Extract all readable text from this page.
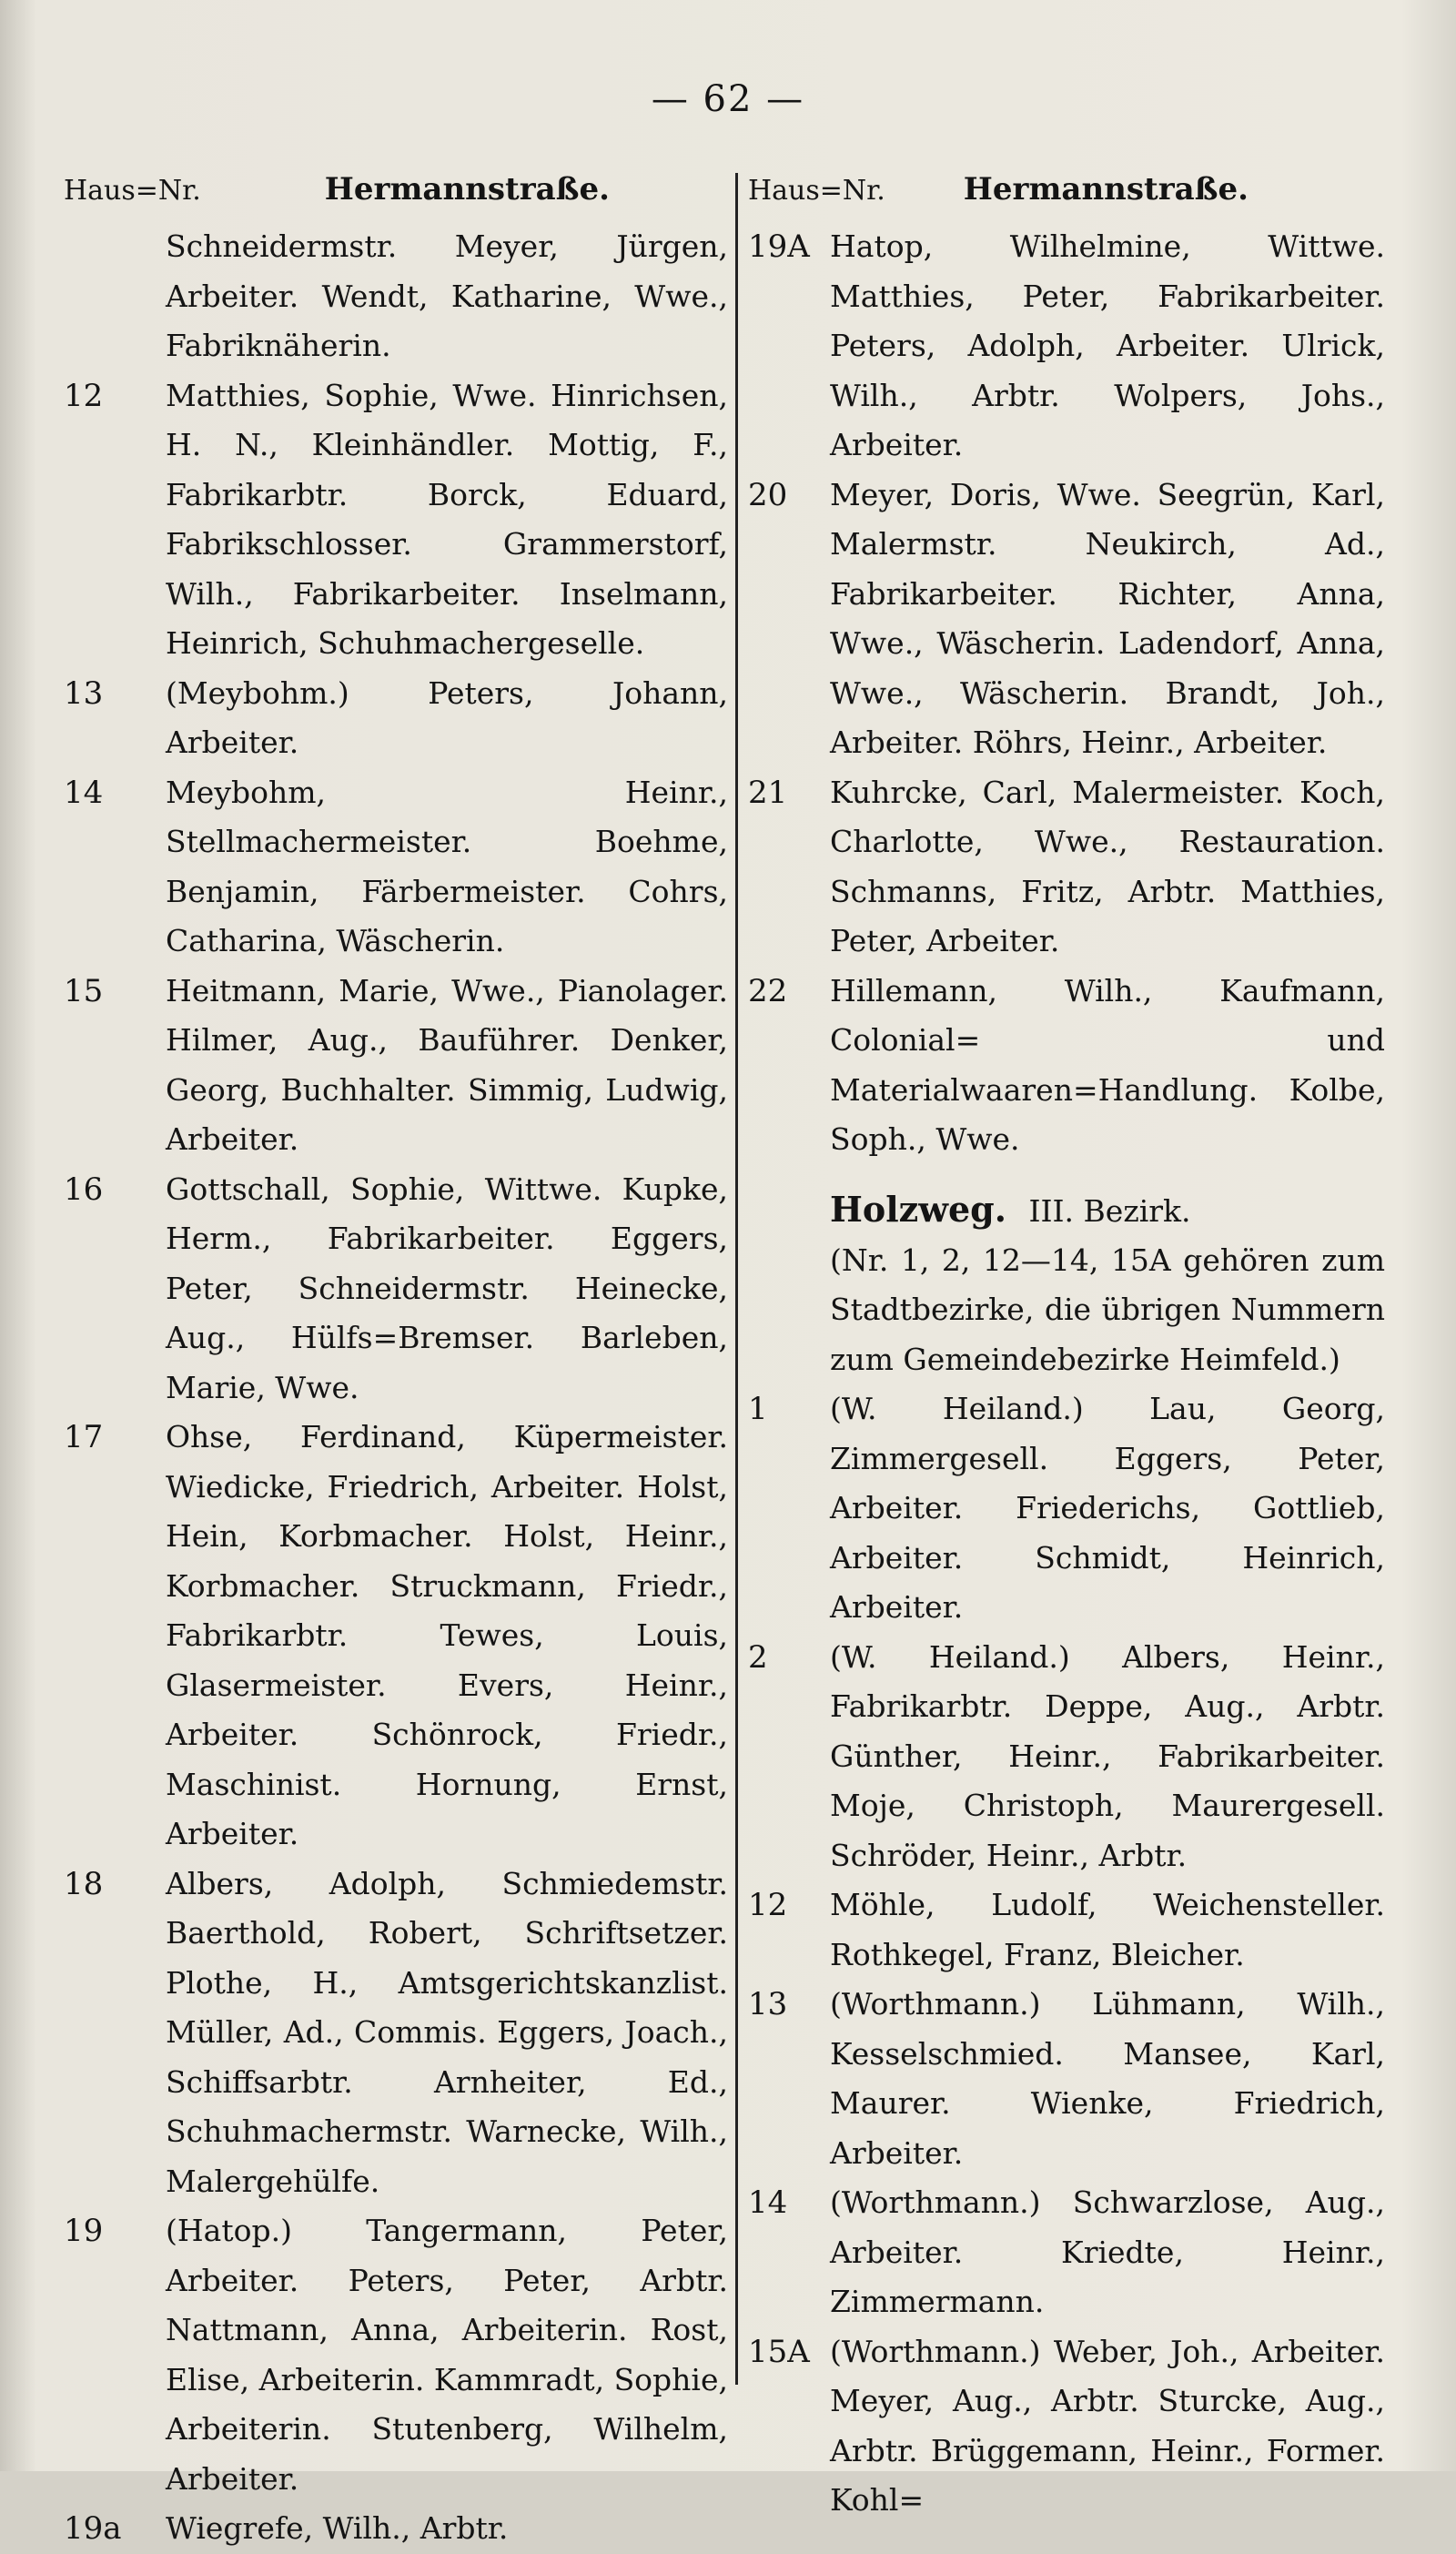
— 62 —
Haus=Nr.	Hermannstraße.
Schneidermstr. Meyer, Jürgen, Arbeiter. Wendt, Katharine, Wwe., Fabriknäherin.
12	Matthies, Sophie, Wwe. Hinrichsen, H. N., Kleinhändler. Mottig, F., Fabrikarbtr. Borck, Eduard, Fabrikschlosser. Grammerstorf, Wilh., Fabrikarbeiter. Inselmann, Heinrich, Schuhmachergeselle.
13	(Meybohm.) Peters, Johann, Arbeiter.
14	Meybohm, Heinr., Stellmachermeister. Boehme, Benjamin, Färbermeister. Cohrs, Catharina, Wäscherin.
15	Heitmann, Marie, Wwe., Pianolager. Hilmer, Aug., Bauführer. Denker, Georg, Buchhalter. Simmig, Ludwig, Arbeiter.
16	Gottschall, Sophie, Wittwe. Kupke, Herm., Fabrikarbeiter. Eggers, Peter, Schneidermstr. Heinecke, Aug., Hülfs=Bremser. Barleben, Marie, Wwe.
17	Ohse, Ferdinand, Küpermeister. Wiedicke, Friedrich, Arbeiter. Holst, Hein, Korbmacher. Holst, Heinr., Korbmacher. Struckmann, Friedr., Fabrikarbtr. Tewes, Louis, Glasermeister. Evers, Heinr., Arbeiter. Schönrock, Friedr., Maschinist. Hornung, Ernst, Arbeiter.
18	Albers, Adolph, Schmiedemstr. Baerthold, Robert, Schriftsetzer. Plothe, H., Amtsgerichtskanzlist. Müller, Ad., Commis. Eggers, Joach., Schiffsarbtr. Arnheiter, Ed., Schuhmachermstr. Warnecke, Wilh., Malergehülfe.
19	(Hatop.) Tangermann, Peter, Arbeiter. Peters, Peter, Arbtr. Nattmann, Anna, Arbeiterin. Rost, Elise, Arbeiterin. Kammradt, Sophie, Arbeiterin. Stutenberg, Wilhelm, Arbeiter.
19a	Wiegrefe, Wilh., Arbtr.
Haus=Nr.	Hermannstraße.
19A Hatop, Wilhelmine, Wittwe. Matthies, Peter, Fabrikarbeiter. Peters, Adolph, Arbeiter. Ulrick, Wilh., Arbtr. Wolpers, Johs., Arbeiter.
20	Meyer, Doris, Wwe. Seegrün, Karl, Malermstr. Neukirch, Ad., Fabrikarbeiter. Richter, Anna, Wwe., Wäscherin. Ladendorf, Anna, Wwe., Wäscherin. Brandt, Joh., Arbeiter. Röhrs, Heinr., Arbeiter.
21	Kuhrcke, Carl, Malermeister. Koch, Charlotte, Wwe., Restauration. Schmanns, Fritz, Arbtr. Matthies, Peter, Arbeiter.
22	Hillemann, Wilh., Kaufmann, Colonial= und Materialwaaren=Handlung. Kolbe, Soph., Wwe.
Holzweg. III. Bezirk.
(Nr. 1, 2, 12—14, 15A gehören zum Stadtbezirke, die übrigen Nummern zum Gemeindebezirke Heimfeld.)
1	(W. Heiland.) Lau, Georg, Zimmergesell. Eggers, Peter, Arbeiter. Friederichs, Gottlieb, Arbeiter. Schmidt, Heinrich, Arbeiter.
2	(W. Heiland.) Albers, Heinr., Fabrikarbtr. Deppe, Aug., Arbtr. Günther, Heinr., Fabrikarbeiter. Moje, Christoph, Maurergesell. Schröder, Heinr., Arbtr.
12	Möhle, Ludolf, Weichensteller. Rothkegel, Franz, Bleicher.
13	(Worthmann.) Lühmann, Wilh., Kesselschmied. Mansee, Karl, Maurer. Wienke, Friedrich, Arbeiter.
14	(Worthmann.) Schwarzlose, Aug., Arbeiter. Kriedte, Heinr., Zimmermann.
15A (Worthmann.) Weber, Joh., Arbeiter. Meyer, Aug., Arbtr. Sturcke, Aug., Arbtr. Brüggemann, Heinr., Former. Kohl=
